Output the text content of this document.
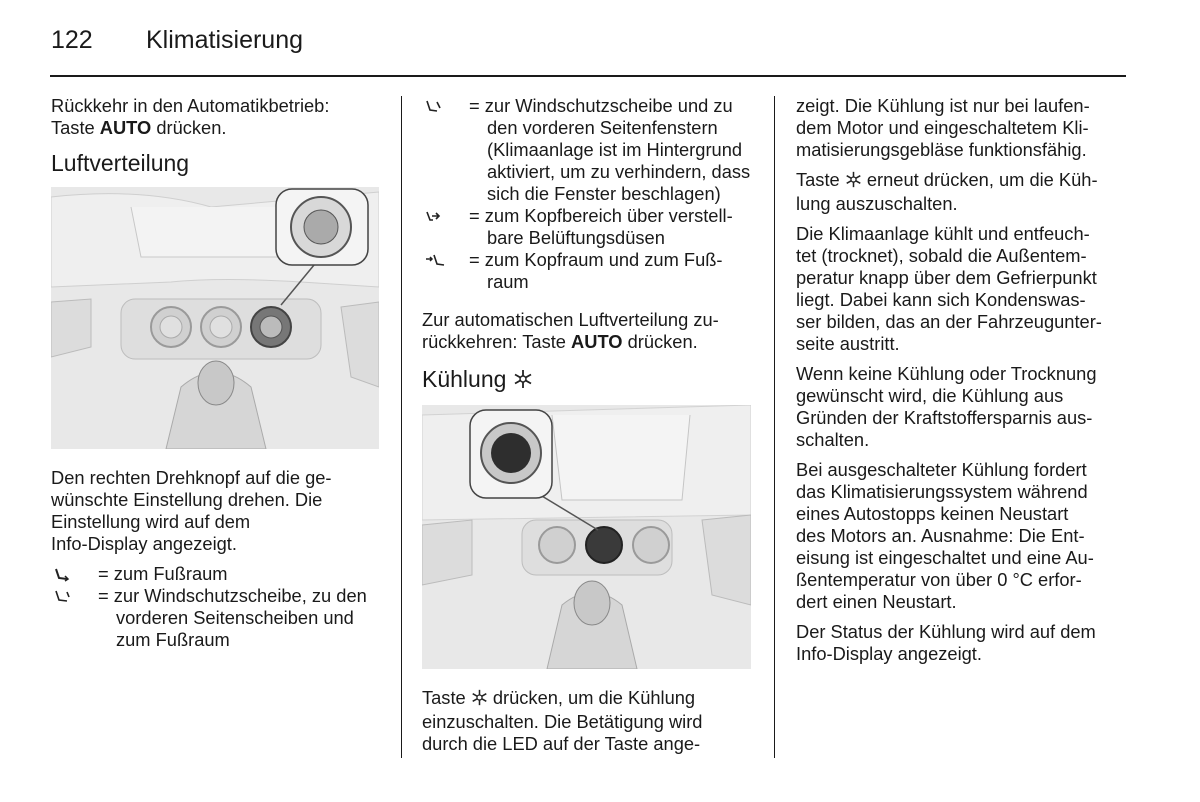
122 Klimatisierung

Rückkehr in den Automatikbetrieb:
Taste AUTO drücken.

Luftverteilung

Den rechten Drehknopf auf die ge-
wünschte Einstellung drehen. Die
Einstellung wird auf dem
Info-Display angezeigt.

= zum Fußraum
= zur Windschutzscheibe, zu den
vorderen Seitenscheiben und
zum Fußraum
= zur Windschutzscheibe und zu
den vorderen Seitenfenstern
(Klimaanlage ist im Hintergrund
aktiviert, um zu verhindern, dass
sich die Fenster beschlagen)
= zum Kopfbereich über verstell-
bare Belüftungsdüsen
= zum Kopfraum und zum Fuß-
raum

Zur automatischen Luftverteilung zu-
rückkehren: Taste AUTO drücken.

Kühlung

Taste  drücken, um die Kühlung
einzuschalten. Die Betätigung wird
durch die LED auf der Taste ange-

zeigt. Die Kühlung ist nur bei laufen-
dem Motor und eingeschaltetem Kli-
matisierungsgebläse funktionsfähig.

Taste  erneut drücken, um die Küh-
lung auszuschalten.

Die Klimaanlage kühlt und entfeuch-
tet (trocknet), sobald die Außentem-
peratur knapp über dem Gefrierpunkt
liegt. Dabei kann sich Kondenswas-
ser bilden, das an der Fahrzeugunter-
seite austritt.

Wenn keine Kühlung oder Trocknung
gewünscht wird, die Kühlung aus
Gründen der Kraftstoffersparnis aus-
schalten.

Bei ausgeschalteter Kühlung fordert
das Klimatisierungssystem während
eines Autostopps keinen Neustart
des Motors an. Ausnahme: Die Ent-
eisung ist eingeschaltet und eine Au-
ßentemperatur von über 0 °C erfor-
dert einen Neustart.

Der Status der Kühlung wird auf dem
Info-Display angezeigt.
